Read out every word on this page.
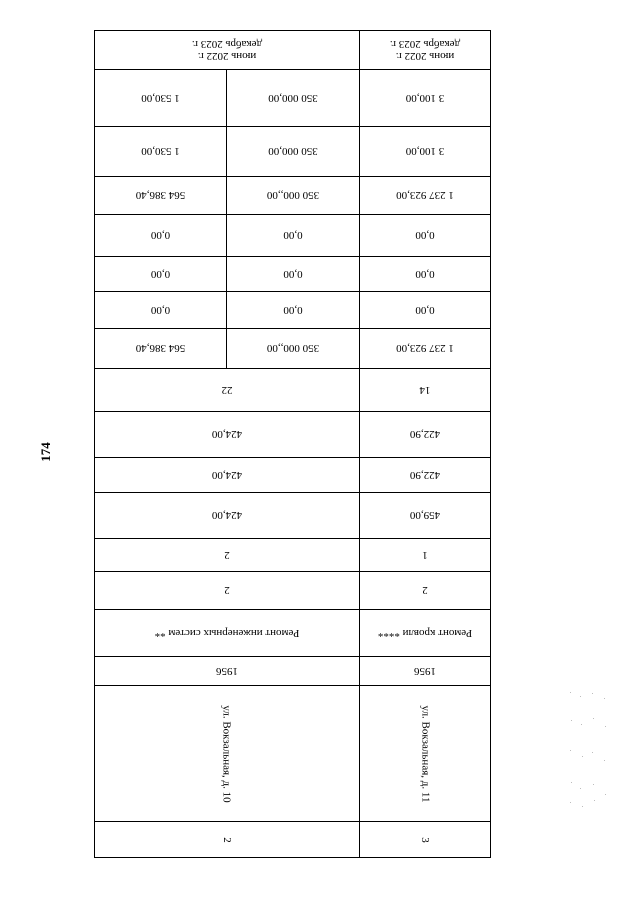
174
июнь 2022 г.
декабрь 2023 г.
июнь 2022 г.
декабрь 2023 г.
3 100,00
350 000,00
1 530,00
3 100,00
350 000,00
1 530,00
1 237 923,00
350 000,,00
564 386,40
0,00
0,00
0,00
0,00
0,00
0,00
0,00
0,00
0,00
1 237 923,00
350 000,,00
564 386,40
14
22
422,90
424,00
422,90
424,00
459,00
424,00
1
2
2
2
Ремонт кровли ****
Ремонт инженерных систем **
1956
1956
ул. Вокзальная, д. 11
ул. Вокзальная, д. 10
3
2
